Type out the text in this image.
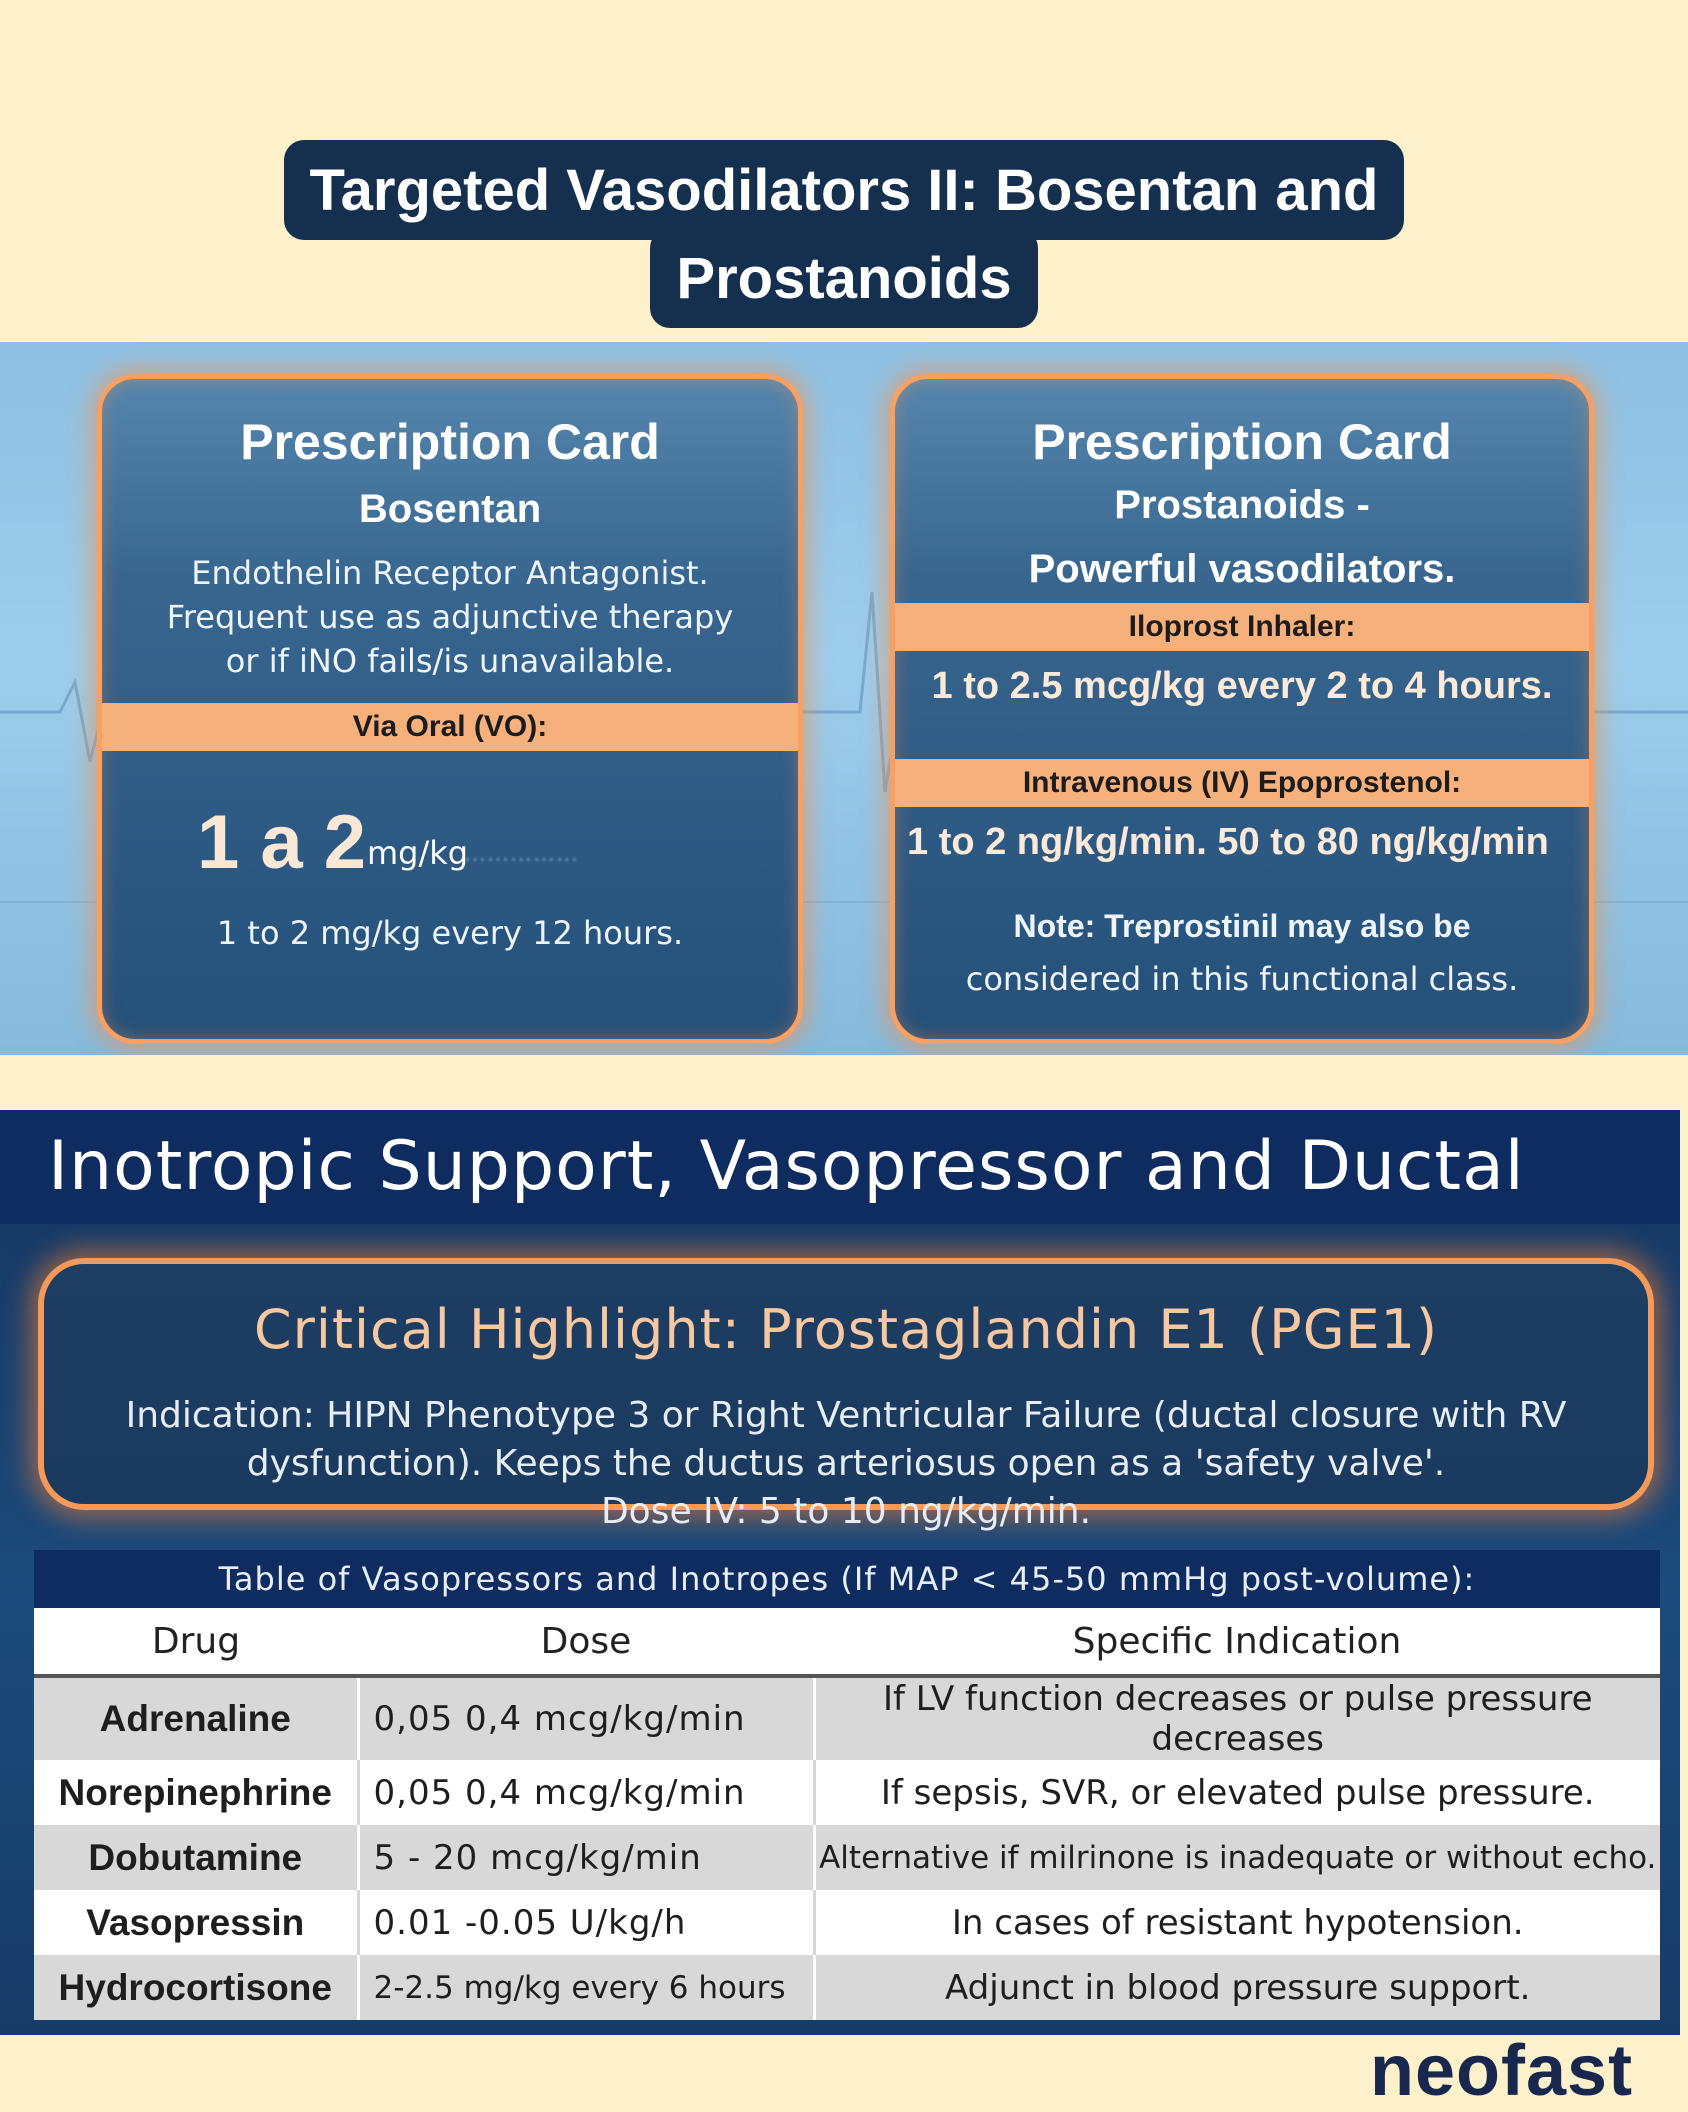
Targeted Vasodilators II: Bosentan and
Prostanoids
Prescription Card
Bosentan
Endothelin Receptor Antagonist.
Frequent use as adjunctive therapy
or if iNO fails/is unavailable.
Via Oral (VO):
1 a 2 mg/kg
……………
1 to 2 mg/kg every 12 hours.
Prescription Card
Prostanoids -
Powerful vasodilators.
Iloprost Inhaler:
1 to 2.5 mcg/kg every 2 to 4 hours.
Intravenous (IV) Epoprostenol:
1 to 2 ng/kg/min. 50 to 80 ng/kg/min
Note: Treprostinil may also be
considered in this functional class.
Inotropic Support, Vasopressor and Ductal
Critical Highlight: Prostaglandin E1 (PGE1)
Indication: HIPN Phenotype 3 or Right Ventricular Failure (ductal closure with RV
dysfunction). Keeps the ductus arteriosus open as a 'safety valve'.
Dose IV: 5 to 10 ng/kg/min.
Table of Vasopressors and Inotropes (If MAP < 45-50 mmHg post-volume):
Drug	Dose	Specific Indication
Adrenaline	0,05 0,4 mcg/kg/min	If LV function decreases or pulse pressure decreases
Norepinephrine	0,05 0,4 mcg/kg/min	If sepsis, SVR, or elevated pulse pressure.
Dobutamine	5 - 20 mcg/kg/min	Alternative if milrinone is inadequate or without echo.
Vasopressin	0.01 -0.05 U/kg/h	In cases of resistant hypotension.
Hydrocortisone	2-2.5 mg/kg every 6 hours	Adjunct in blood pressure support.
neofast
